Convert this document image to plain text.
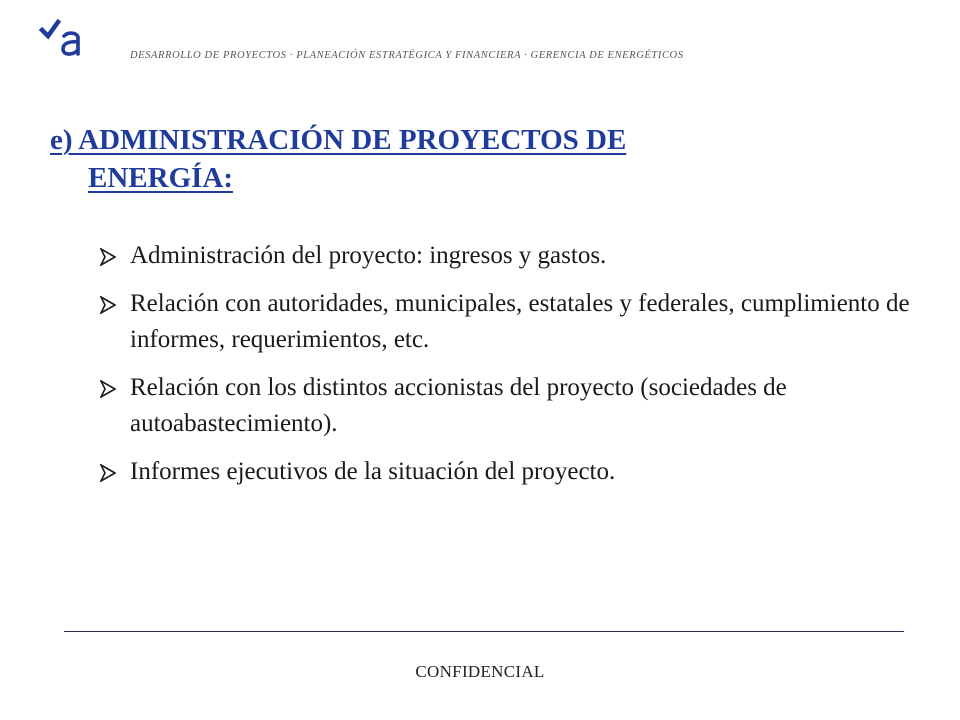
DESARROLLO DE PROYECTOS · PLANEACIÓN ESTRATÉGICA Y FINANCIERA · GERENCIA DE ENERGÉTICOS
e) ADMINISTRACIÓN DE PROYECTOS DE
ENERGÍA:
Administración del proyecto: ingresos y gastos.
Relación con autoridades, municipales, estatales y federales, cumplimiento de informes, requerimientos, etc.
Relación con los distintos accionistas del proyecto (sociedades de autoabastecimiento).
Informes ejecutivos de la situación del proyecto.
CONFIDENCIAL
